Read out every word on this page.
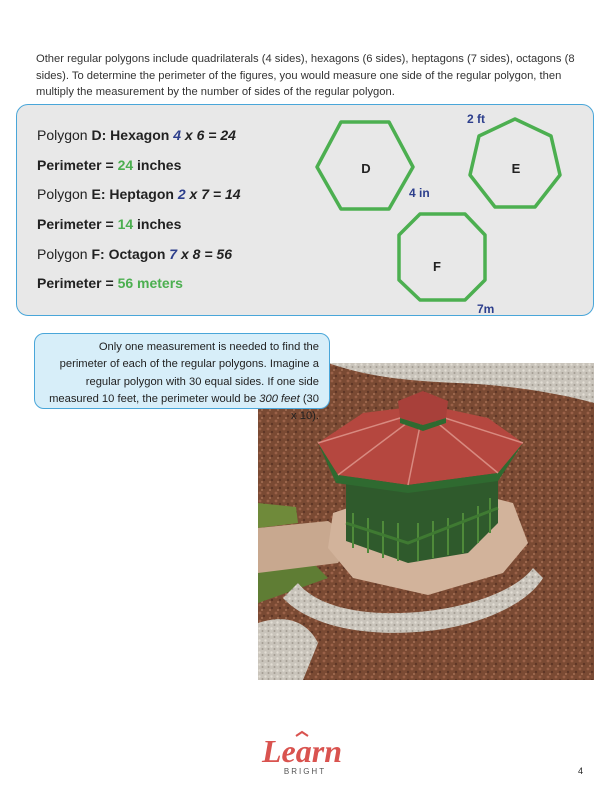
Other regular polygons include quadrilaterals (4 sides), hexagons (6 sides), heptagons (7 sides), octagons (8 sides). To determine the perimeter of the figures, you would measure one side of the regular polygon, then multiply the measurement by the number of sides of the regular polygon.

Polygon D: Hexagon 4 x 6 = 24
Perimeter = 24 inches
Polygon E: Heptagon 2 x 7 = 14
Perimeter = 14 inches
Polygon F: Octagon 7 x 8 = 56
Perimeter = 56 meters
D
4 in
E
2 ft
F
7m
Only one measurement is needed to find the perimeter of each of the regular polygons. Imagine a regular polygon with 30 equal sides. If one side measured 10 feet, the perimeter would be 300 feet (30 x 10).
Learn
BRIGHT	4
